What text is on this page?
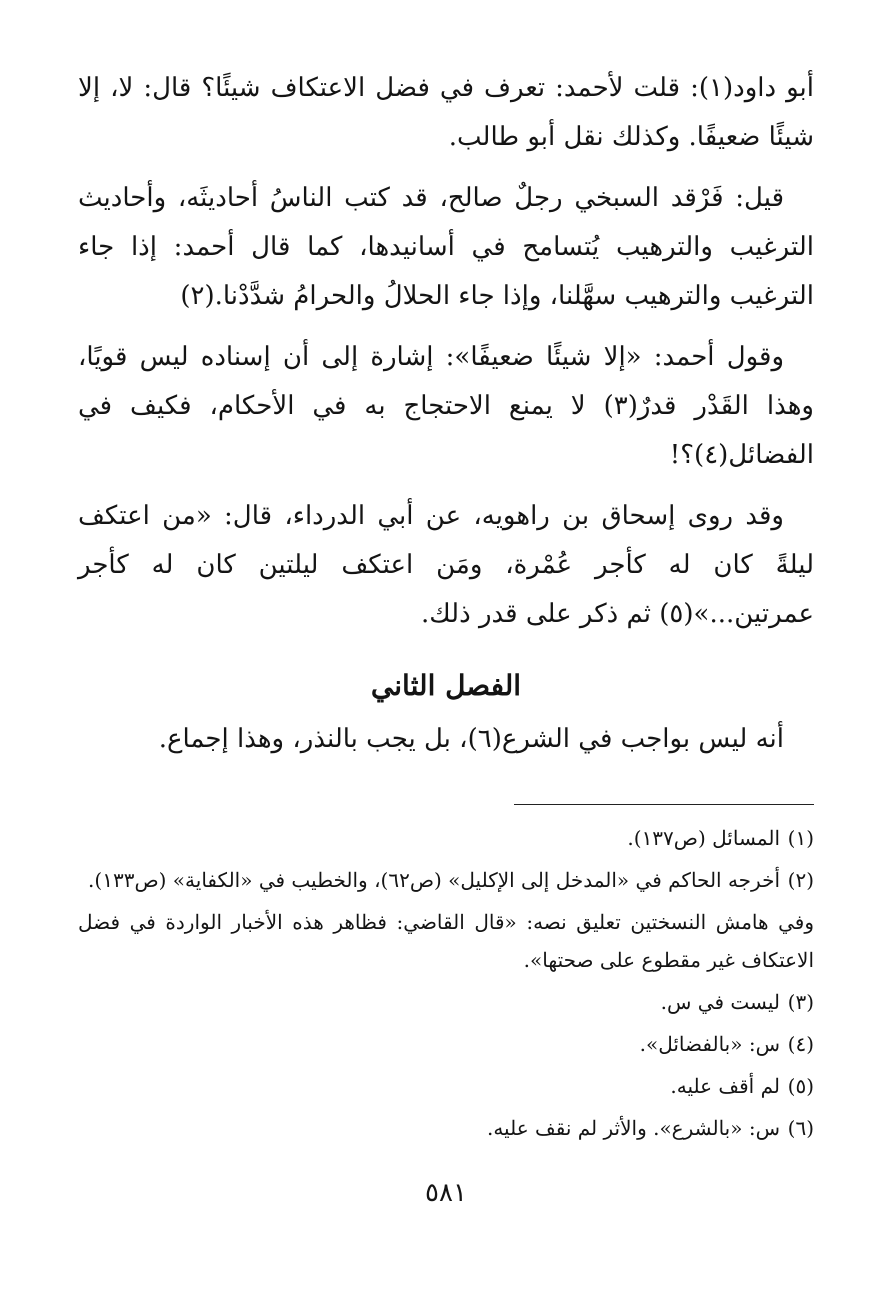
أبو داود(١): قلت لأحمد: تعرف في فضل الاعتكاف شيئًا؟ قال: لا، إلا شيئًا ضعيفًا. وكذلك نقل أبو طالب.

قيل: فَرْقد السبخي رجلٌ صالح، قد كتب الناسُ أحاديثَه، وأحاديث الترغيب والترهيب يُتسامح في أسانيدها، كما قال أحمد: إذا جاء الترغيب والترهيب سهَّلنا، وإذا جاء الحلالُ والحرامُ شدَّدْنا.(٢)

وقول أحمد: «إلا شيئًا ضعيفًا»: إشارة إلى أن إسناده ليس قويًا، وهذا القَدْر قدرٌ(٣) لا يمنع الاحتجاج به في الأحكام، فكيف في الفضائل(٤)؟!

وقد روى إسحاق بن راهويه، عن أبي الدرداء، قال: «من اعتكف ليلةً كان له كأجر عُمْرة، ومَن اعتكف ليلتين كان له كأجر عمرتين...»(٥) ثم ذكر على قدر ذلك.

الفصل الثاني

أنه ليس بواجب في الشرع(٦)، بل يجب بالنذر، وهذا إجماع.

(١)
المسائل (ص١٣٧).
(٢)
أخرجه الحاكم في «المدخل إلى الإكليل» (ص٦٢)، والخطيب في «الكفاية» (ص١٣٣).
وفي هامش النسختين تعليق نصه: «قال القاضي: فظاهر هذه الأخبار الواردة في فضل الاعتكاف غير مقطوع على صحتها».
(٣)
ليست في س.
(٤)
س: «بالفضائل».
(٥)
لم أقف عليه.
(٦)
س: «بالشرع». والأثر لم نقف عليه.
٥٨١
